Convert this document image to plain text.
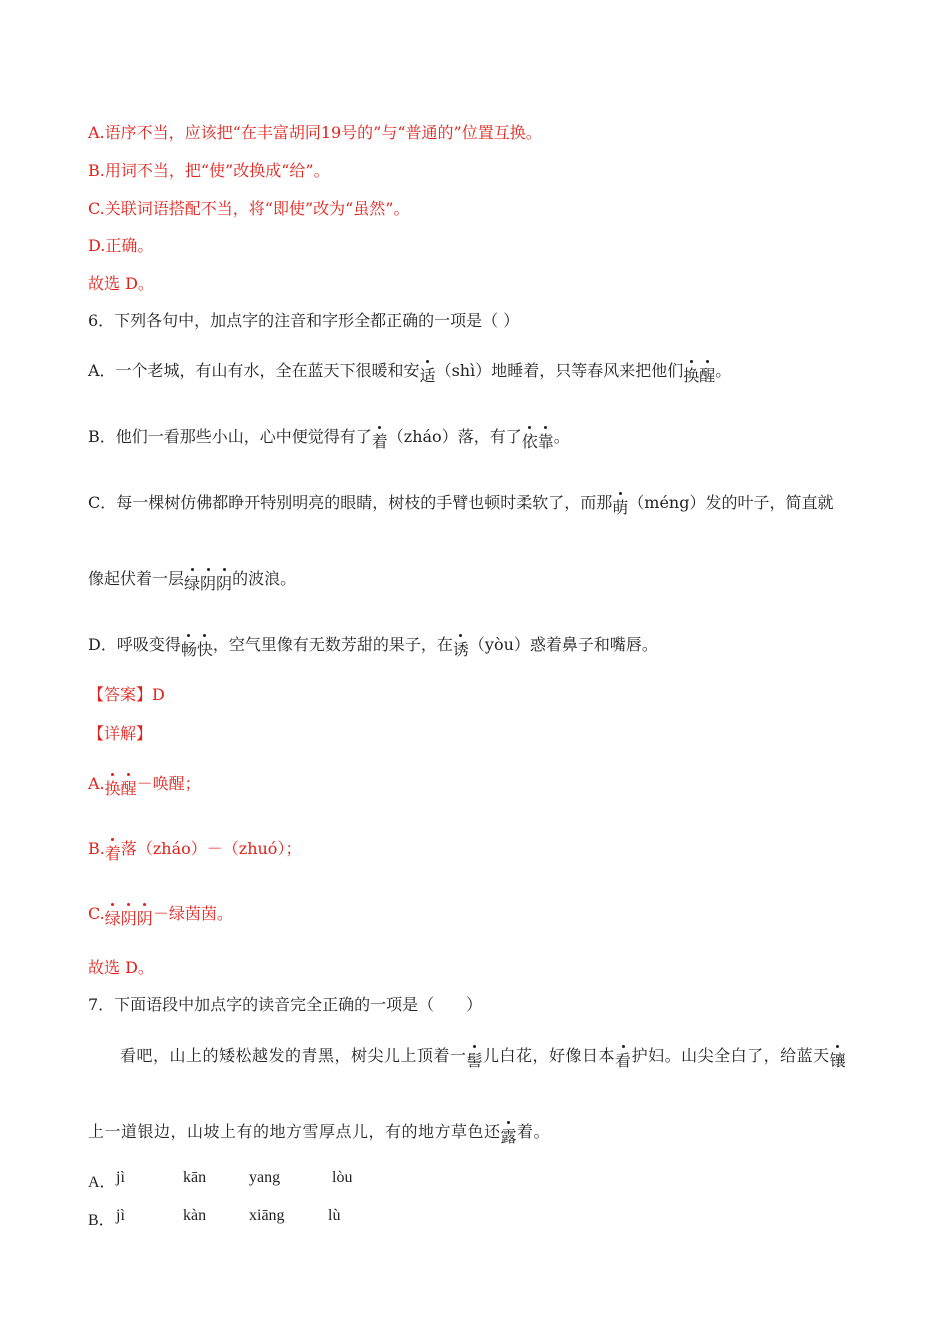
A.语序不当，应该把“在丰富胡同19号的”与“普通的”位置互换。
B.用词不当，把“使”改换成“给”。
C.关联词语搭配不当，将“即使”改为“虽然”。
D.正确。
故选 D。
6．下列各句中，加点字的注音和字形全都正确的一项是（ ）
A．一个老城，有山有水，全在蓝天下很暖和安适（shì）地睡着，只等春风来把他们换醒。
B．他们一看那些小山，心中便觉得有了着（zháo）落，有了依靠。
C．每一棵树仿佛都睁开特别明亮的眼睛，树枝的手臂也顿时柔软了，而那萌（méng）发的叶子，简直就
像起伏着一层绿阴阴的波浪。
D．呼吸变得畅快，空气里像有无数芳甜的果子，在诱（yòu）惑着鼻子和嘴唇。
【答案】D
【详解】
A.换醒－唤醒；
B.着落（zháo）－（zhuó）；
C.绿阴阴－绿茵茵。
故选 D。
7．下面语段中加点字的读音完全正确的一项是（　　）
看吧，山上的矮松越发的青黑，树尖儿上顶着一髻儿白花，好像日本看护妇。山尖全白了，给蓝天镶
上一道银边，山坡上有的地方雪厚点儿，有的地方草色还露着。
A． jì	kān	yang	lòu
B． jì	kàn	xiāng	lù
